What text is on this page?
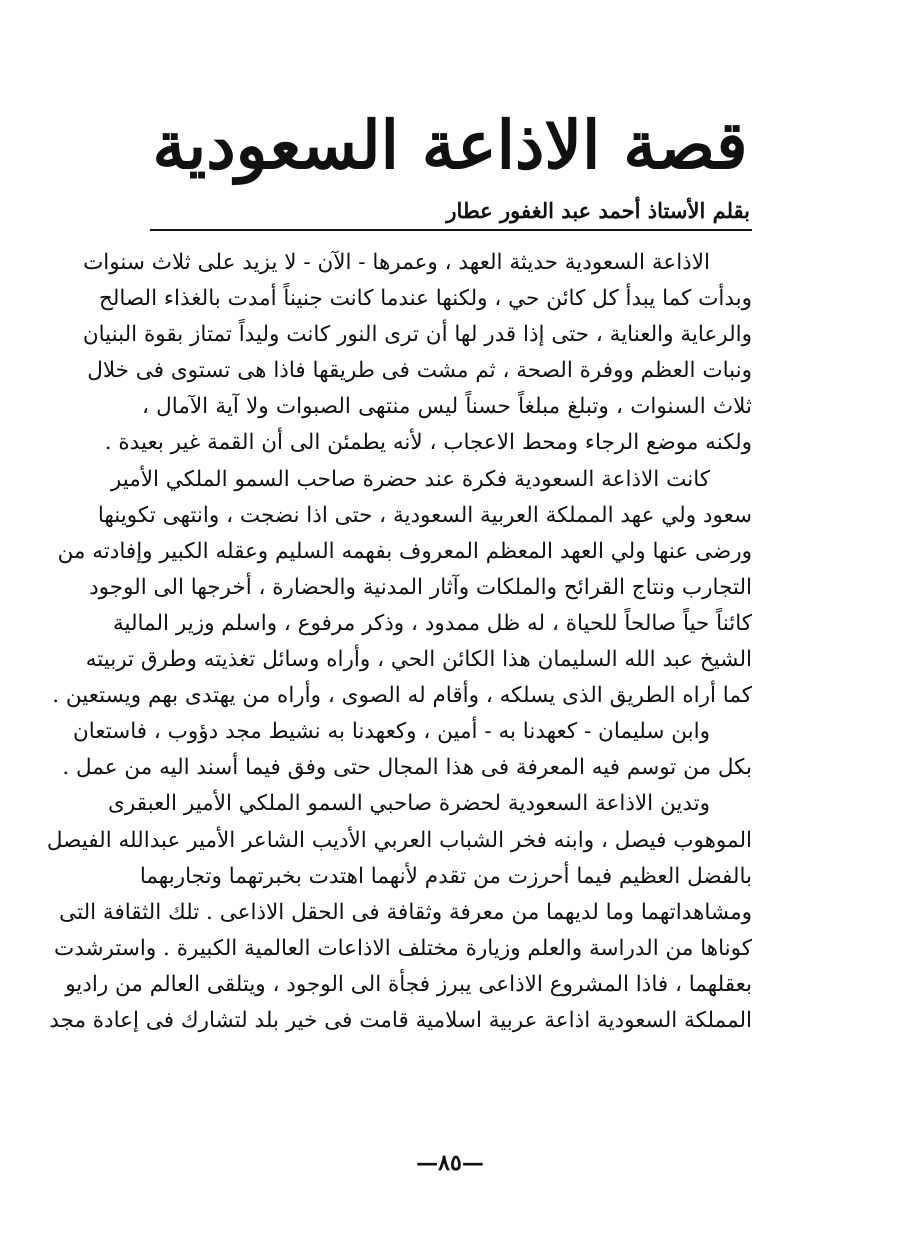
قصة الاذاعة السعودية
بقلم الأستاذ أحمد عبد الغفور عطار
الاذاعة السعودية حديثة العهد ، وعمرها - الآن - لا يزيد على ثلاث سنوات
وبدأت كما يبدأ كل كائن حي ، ولكنها عندما كانت جنيناً أمدت بالغذاء الصالح
والرعاية والعناية ، حتى إذا قدر لها أن ترى النور كانت وليداً تمتاز بقوة البنيان
ونبات العظم ووفرة الصحة ، ثم مشت فى طريقها فاذا هى تستوى فى خلال
ثلاث السنوات ، وتبلغ مبلغاً حسناً ليس منتهى الصبوات ولا آية الآمال ،
ولكنه موضع الرجاء ومحط الاعجاب ، لأنه يطمئن الى أن القمة غير بعيدة .
كانت الاذاعة السعودية فكرة عند حضرة صاحب السمو الملكي الأمير
سعود ولي عهد المملكة العربية السعودية ، حتى اذا نضجت ، وانتهى تكوينها
ورضى عنها ولي العهد المعظم المعروف بفهمه السليم وعقله الكبير وإفادته من
التجارب ونتاج القرائح والملكات وآثار المدنية والحضارة ، أخرجها الى الوجود
كائناً حياً صالحاً للحياة ، له ظل ممدود ، وذكر مرفوع ، واسلم وزير المالية
الشيخ عبد الله السليمان هذا الكائن الحي ، وأراه وسائل تغذيته وطرق تربيته
كما أراه الطريق الذى يسلكه ، وأقام له الصوى ، وأراه من يهتدى بهم ويستعين .
وابن سليمان - كعهدنا به - أمين ، وكعهدنا به نشيط مجد دؤوب ، فاستعان
بكل من توسم فيه المعرفة فى هذا المجال حتى وفق فيما أسند اليه من عمل .
وتدين الاذاعة السعودية لحضرة صاحبي السمو الملكي الأمير العبقرى
الموهوب فيصل ، وابنه فخر الشباب العربي الأديب الشاعر الأمير عبدالله الفيصل
بالفضل العظيم فيما أحرزت من تقدم لأنهما اهتدت بخبرتهما وتجاربهما
ومشاهداتهما وما لديهما من معرفة وثقافة فى الحقل الاذاعى . تلك الثقافة التى
كوناها من الدراسة والعلم وزيارة مختلف الاذاعات العالمية الكبيرة . واسترشدت
بعقلهما ، فاذا المشروع الاذاعى يبرز فجأة الى الوجود ، ويتلقى العالم من راديو
المملكة السعودية اذاعة عربية اسلامية قامت فى خير بلد لتشارك فى إعادة مجد
—٨٥—
